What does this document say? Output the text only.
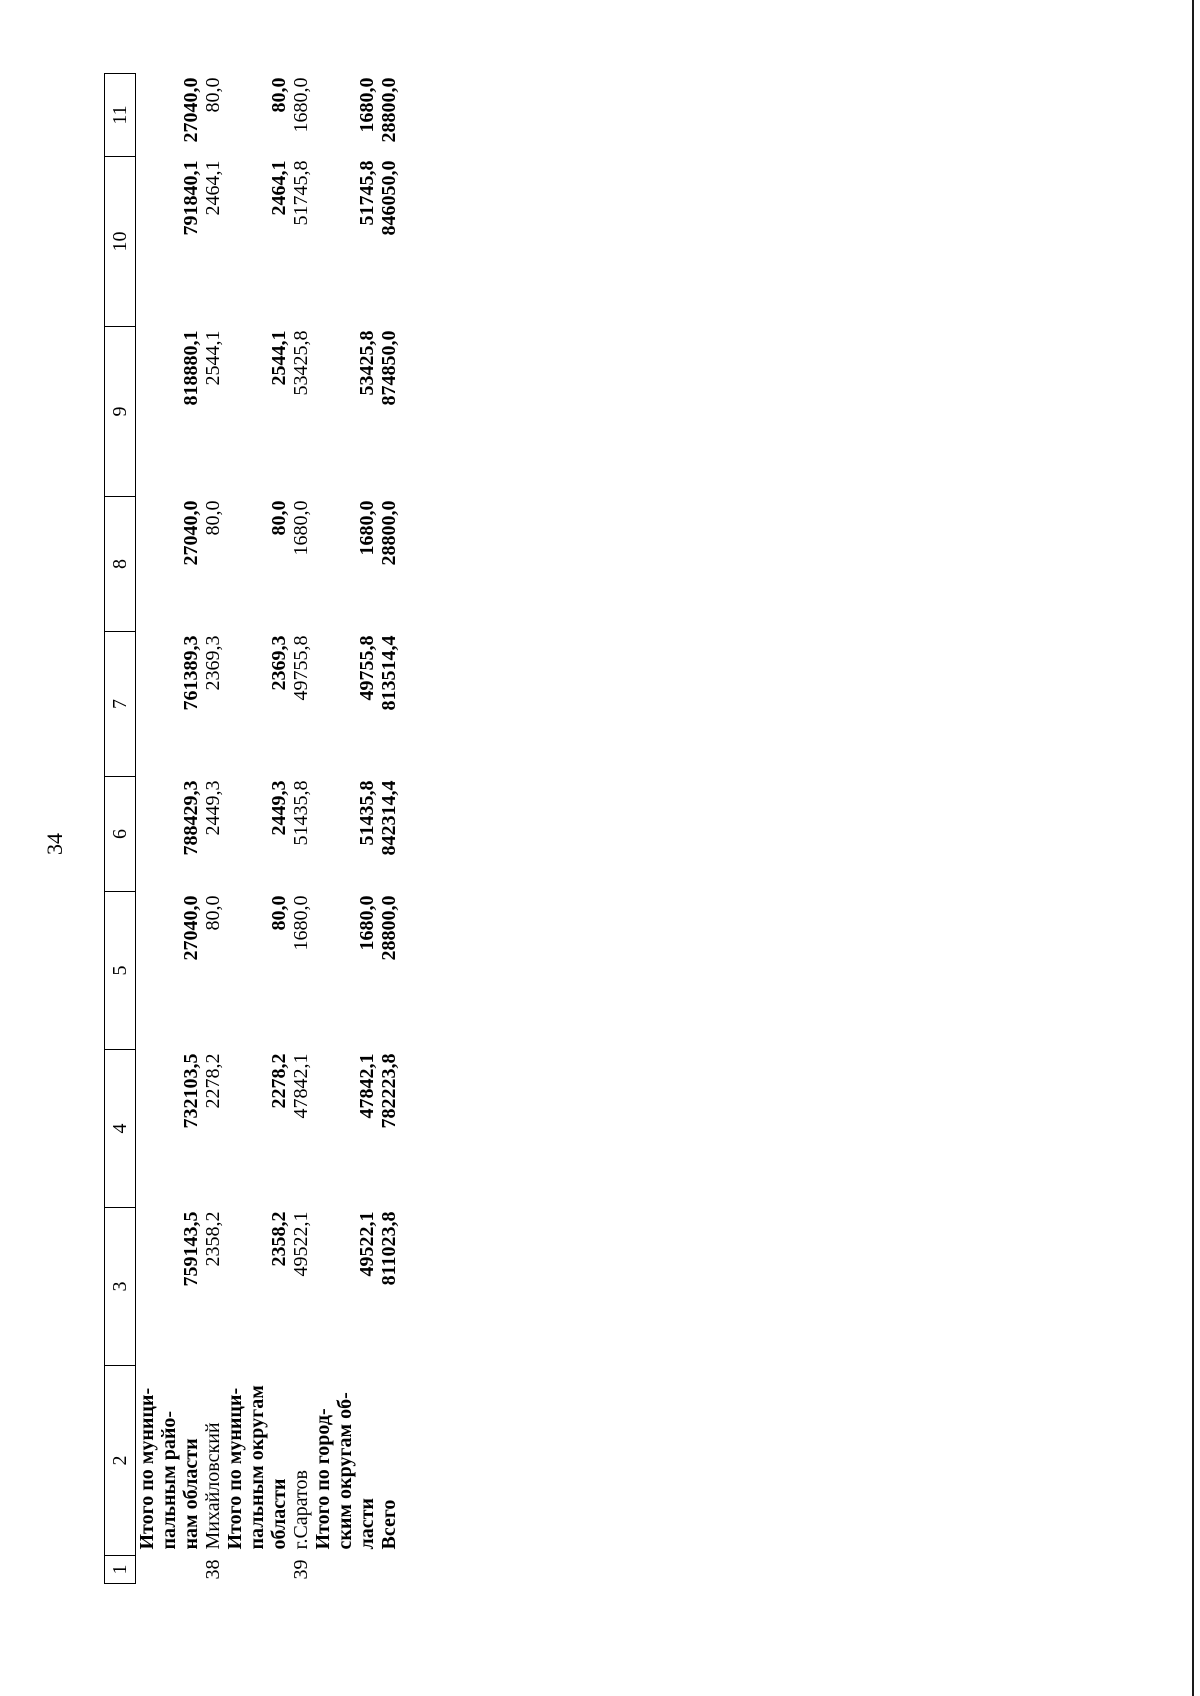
34
1	2	3	4	5	6	7	8	9	10	11
	Итого по муници-									
	пальным райо-									
	нам области	759143,5	732103,5	27040,0	788429,3	761389,3	27040,0	818880,1	791840,1	27040,0
38	Михайловский	2358,2	2278,2	80,0	2449,3	2369,3	80,0	2544,1	2464,1	80,0
	Итого по муници-									
	пальным округам									
	области	2358,2	2278,2	80,0	2449,3	2369,3	80,0	2544,1	2464,1	80,0
39	г.Саратов	49522,1	47842,1	1680,0	51435,8	49755,8	1680,0	53425,8	51745,8	1680,0
	Итого по город-									
	ским округам об-									
	ласти	49522,1	47842,1	1680,0	51435,8	49755,8	1680,0	53425,8	51745,8	1680,0
	Всего	811023,8	782223,8	28800,0	842314,4	813514,4	28800,0	874850,0	846050,0	28800,0
